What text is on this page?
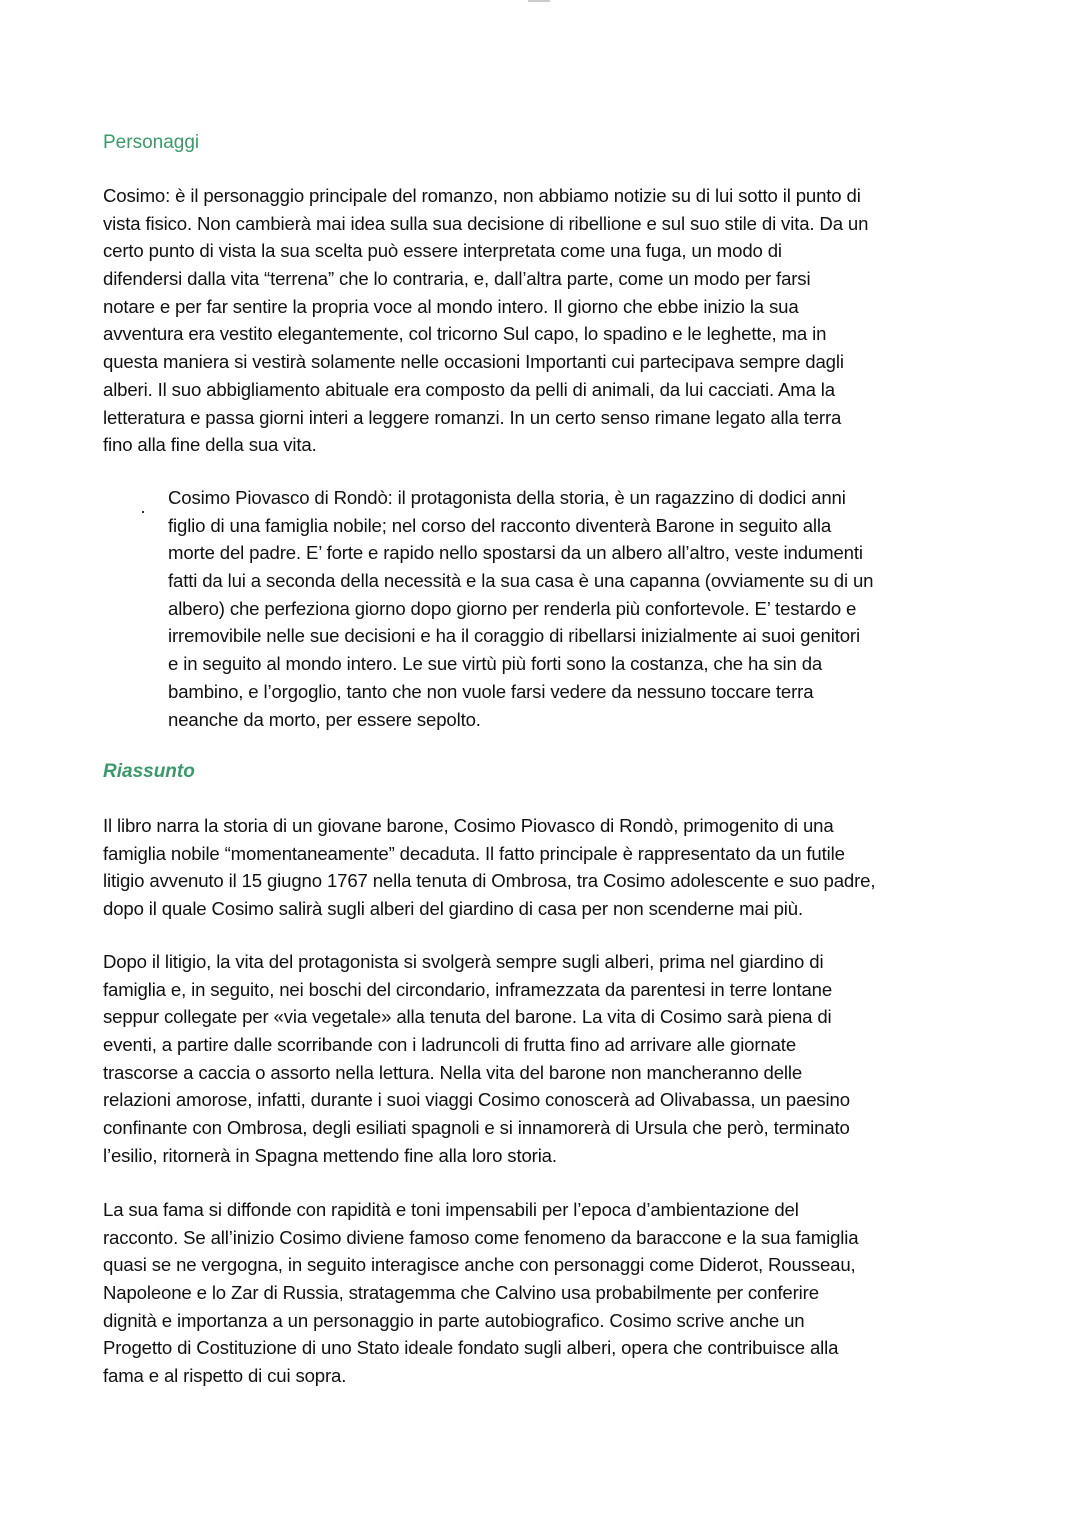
Personaggi
Cosimo: è il personaggio principale del romanzo, non abbiamo notizie su di lui sotto il punto di
vista fisico. Non cambierà mai idea sulla sua decisione di ribellione e sul suo stile di vita. Da un
certo punto di vista la sua scelta può essere interpretata come una fuga, un modo di
difendersi dalla vita “terrena” che lo contraria, e, dall’altra parte, come un modo per farsi
notare e per far sentire la propria voce al mondo intero. Il giorno che ebbe inizio la sua
avventura era vestito elegantemente, col tricorno Sul capo, lo spadino e le leghette, ma in
questa maniera si vestirà solamente nelle occasioni Importanti cui partecipava sempre dagli
alberi. Il suo abbigliamento abituale era composto da pelli di animali, da lui cacciati. Ama la
letteratura e passa giorni interi a leggere romanzi. In un certo senso rimane legato alla terra
fino alla fine della sua vita.
·
Cosimo Piovasco di Rondò: il protagonista della storia, è un ragazzino di dodici anni
figlio di una famiglia nobile; nel corso del racconto diventerà Barone in seguito alla
morte del padre. E’ forte e rapido nello spostarsi da un albero all’altro, veste indumenti
fatti da lui a seconda della necessità e la sua casa è una capanna (ovviamente su di un
albero) che perfeziona giorno dopo giorno per renderla più confortevole. E’ testardo e
irremovibile nelle sue decisioni e ha il coraggio di ribellarsi inizialmente ai suoi genitori
e in seguito al mondo intero. Le sue virtù più forti sono la costanza, che ha sin da
bambino, e l’orgoglio, tanto che non vuole farsi vedere da nessuno toccare terra
neanche da morto, per essere sepolto.
Riassunto
Il libro narra la storia di un giovane barone, Cosimo Piovasco di Rondò, primogenito di una
famiglia nobile “momentaneamente” decaduta. Il fatto principale è rappresentato da un futile
litigio avvenuto il 15 giugno 1767 nella tenuta di Ombrosa, tra Cosimo adolescente e suo padre,
dopo il quale Cosimo salirà sugli alberi del giardino di casa per non scenderne mai più.
Dopo il litigio, la vita del protagonista si svolgerà sempre sugli alberi, prima nel giardino di
famiglia e, in seguito, nei boschi del circondario, inframezzata da parentesi in terre lontane
seppur collegate per «via vegetale» alla tenuta del barone. La vita di Cosimo sarà piena di
eventi, a partire dalle scorribande con i ladruncoli di frutta fino ad arrivare alle giornate
trascorse a caccia o assorto nella lettura. Nella vita del barone non mancheranno delle
relazioni amorose, infatti, durante i suoi viaggi Cosimo conoscerà ad Olivabassa, un paesino
confinante con Ombrosa, degli esiliati spagnoli e si innamorerà di Ursula che però, terminato
l’esilio, ritornerà in Spagna mettendo fine alla loro storia.
La sua fama si diffonde con rapidità e toni impensabili per l’epoca d’ambientazione del
racconto. Se all’inizio Cosimo diviene famoso come fenomeno da baraccone e la sua famiglia
quasi se ne vergogna, in seguito interagisce anche con personaggi come Diderot, Rousseau,
Napoleone e lo Zar di Russia, stratagemma che Calvino usa probabilmente per conferire
dignità e importanza a un personaggio in parte autobiografico. Cosimo scrive anche un
Progetto di Costituzione di uno Stato ideale fondato sugli alberi, opera che contribuisce alla
fama e al rispetto di cui sopra.
